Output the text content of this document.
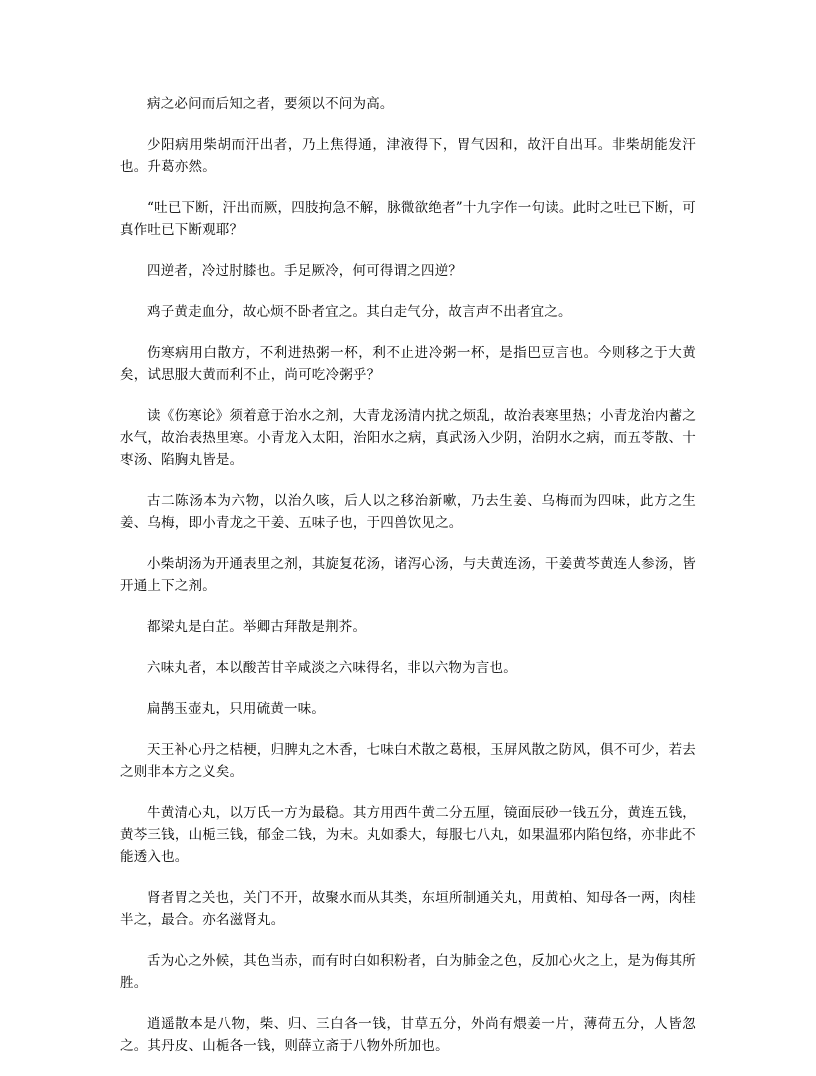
病之必问而后知之者，要须以不问为高。

少阳病用柴胡而汗出者，乃上焦得通，津液得下，胃气因和，故汗自出耳。非柴胡能发汗也。升葛亦然。

“吐已下断，汗出而厥，四肢拘急不解，脉微欲绝者”十九字作一句读。此时之吐已下断，可真作吐已下断观耶？

四逆者，冷过肘膝也。手足厥冷，何可得谓之四逆？

鸡子黄走血分，故心烦不卧者宜之。其白走气分，故言声不出者宜之。

伤寒病用白散方，不利进热粥一杯，利不止进冷粥一杯，是指巴豆言也。今则移之于大黄矣，试思服大黄而利不止，尚可吃冷粥乎？

读《伤寒论》须着意于治水之剂，大青龙汤清内扰之烦乱，故治表寒里热；小青龙治内蓄之水气，故治表热里寒。小青龙入太阳，治阳水之病，真武汤入少阴，治阴水之病，而五苓散、十枣汤、陷胸丸皆是。

古二陈汤本为六物，以治久咳，后人以之移治新嗽，乃去生姜、乌梅而为四味，此方之生姜、乌梅，即小青龙之干姜、五味子也，于四兽饮见之。

小柴胡汤为开通表里之剂，其旋复花汤，诸泻心汤，与夫黄连汤，干姜黄芩黄连人参汤，皆开通上下之剂。

都梁丸是白芷。举卿古拜散是荆芥。

六味丸者，本以酸苦甘辛咸淡之六味得名，非以六物为言也。

扁鹊玉壶丸，只用硫黄一味。

天王补心丹之桔梗，归脾丸之木香，七味白术散之葛根，玉屏风散之防风，俱不可少，若去之则非本方之义矣。

牛黄清心丸，以万氏一方为最稳。其方用西牛黄二分五厘，镜面辰砂一钱五分，黄连五钱，黄芩三钱，山栀三钱，郁金二钱，为末。丸如黍大，每服七八丸，如果温邪内陷包络，亦非此不能透入也。

肾者胃之关也，关门不开，故聚水而从其类，东垣所制通关丸，用黄柏、知母各一两，肉桂半之，最合。亦名滋肾丸。

舌为心之外候，其色当赤，而有时白如积粉者，白为肺金之色，反加心火之上，是为侮其所胜。

逍遥散本是八物，柴、归、三白各一钱，甘草五分，外尚有煨姜一片，薄荷五分，人皆忽之。其丹皮、山栀各一钱，则薛立斋于八物外所加也。
